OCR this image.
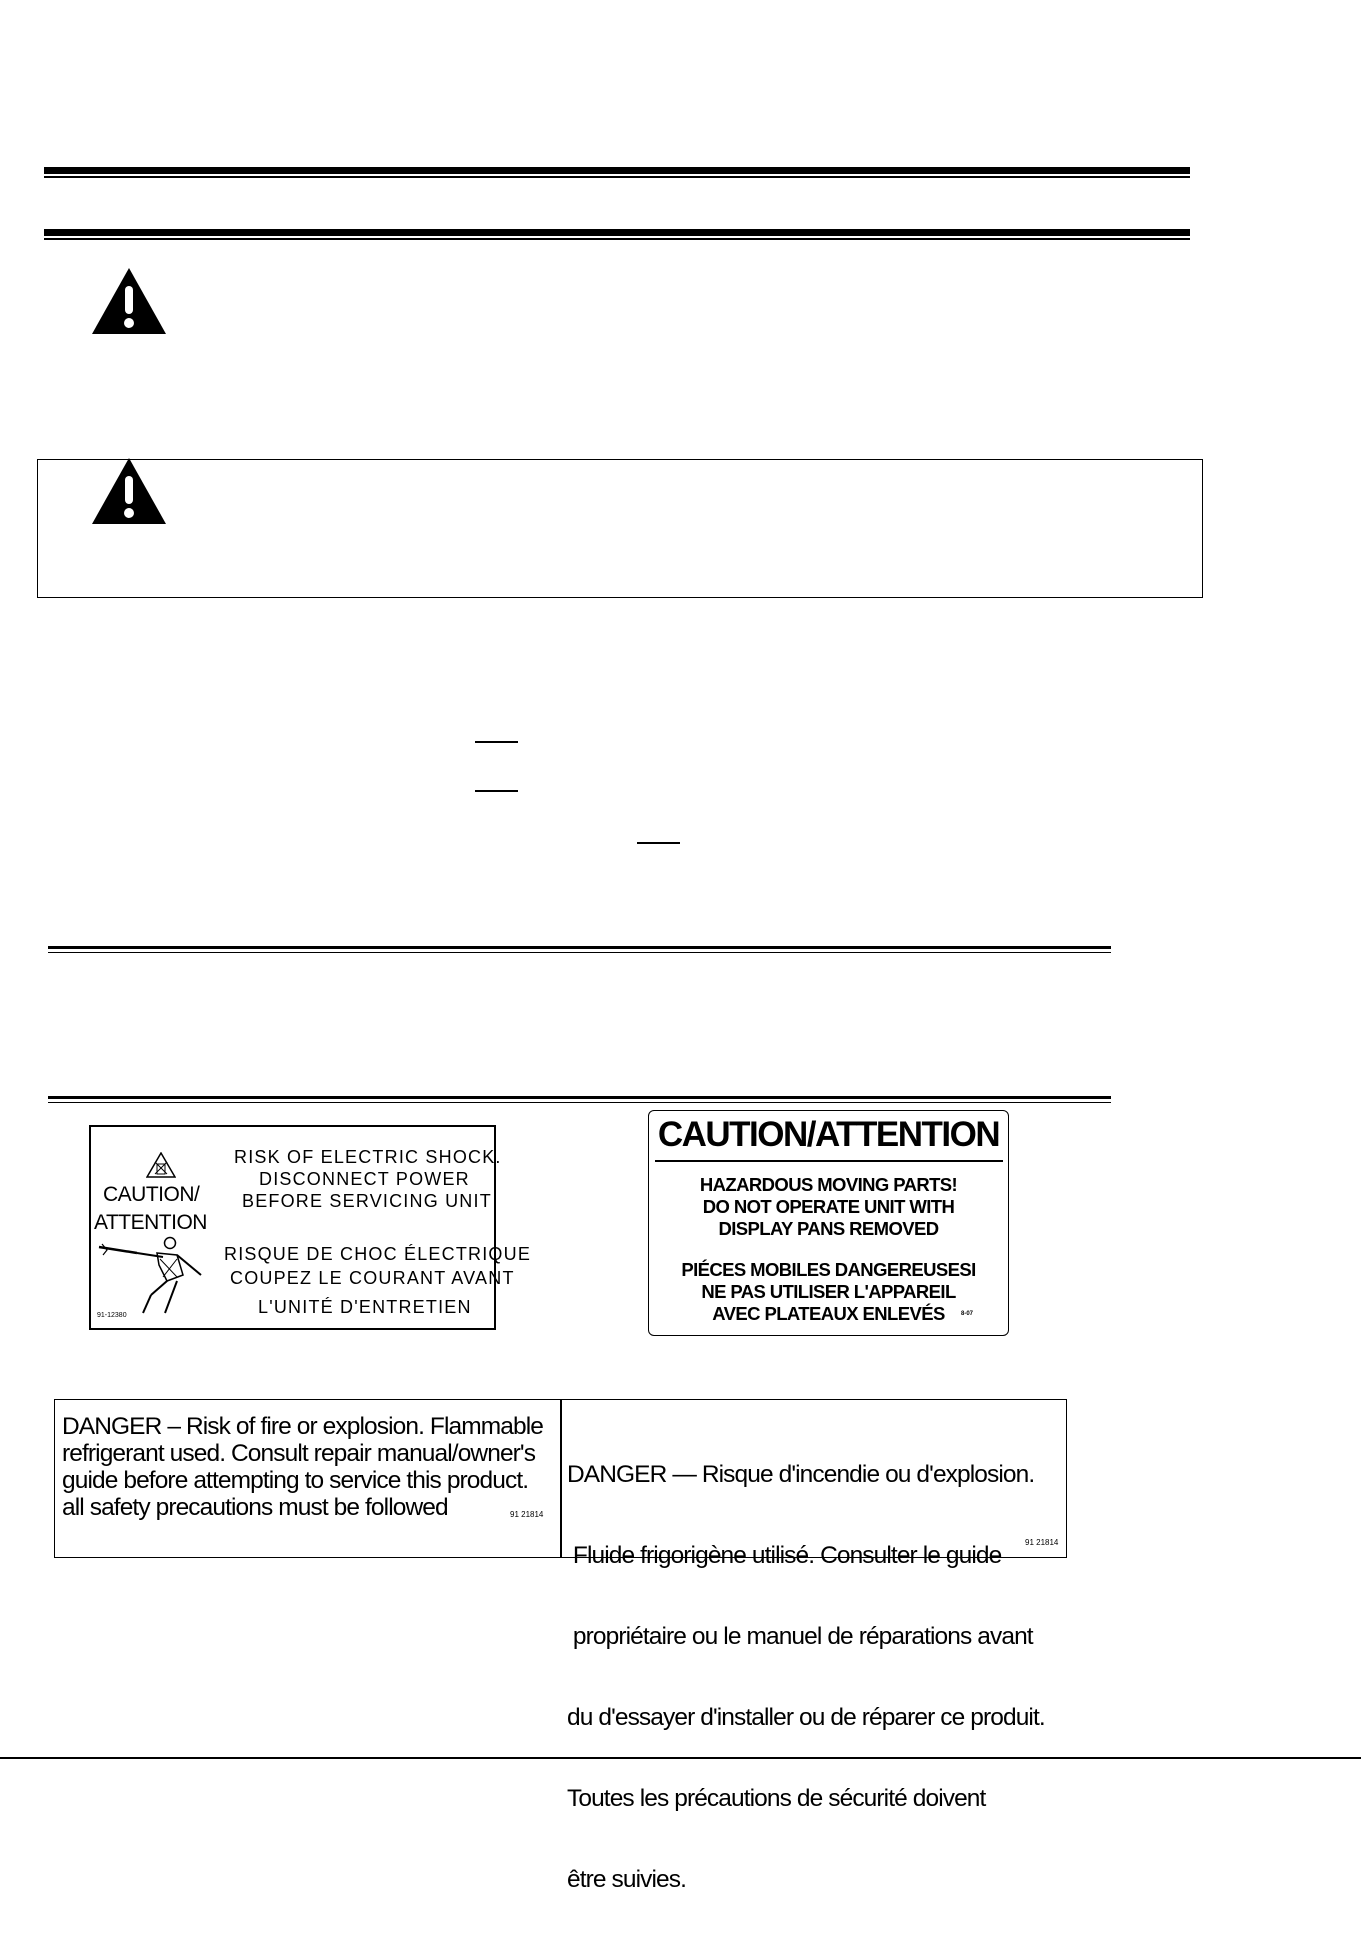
CAUTION/
ATTENTION
RISK OF ELECTRIC SHOCK.
DISCONNECT POWER
BEFORE SERVICING UNIT
RISQUE DE CHOC ÉLECTRIQUE
COUPEZ LE COURANT AVANT
L'UNITÉ D'ENTRETIEN
91-12380
CAUTION/ATTENTION
HAZARDOUS MOVING PARTS!
DO NOT OPERATE UNIT WITH
DISPLAY PANS REMOVED
PIÉCES MOBILES DANGEREUSESI
NE PAS UTILISER L'APPAREIL
AVEC PLATEAUX ENLEVÉS	8-07
DANGER – Risk of fire or explosion. Flammable
refrigerant used. Consult repair manual/owner's
guide before attempting to service this product.
all safety precautions must be followed	91 21814

DANGER — Risque d'incendie ou d'explosion.

Fluide frigorigène utilisé. Consulter le guide

propriétaire ou le manuel de réparations avant

du d'essayer d'installer ou de réparer ce produit.

Toutes les précautions de sécurité doivent

être suivies.

91 21814
